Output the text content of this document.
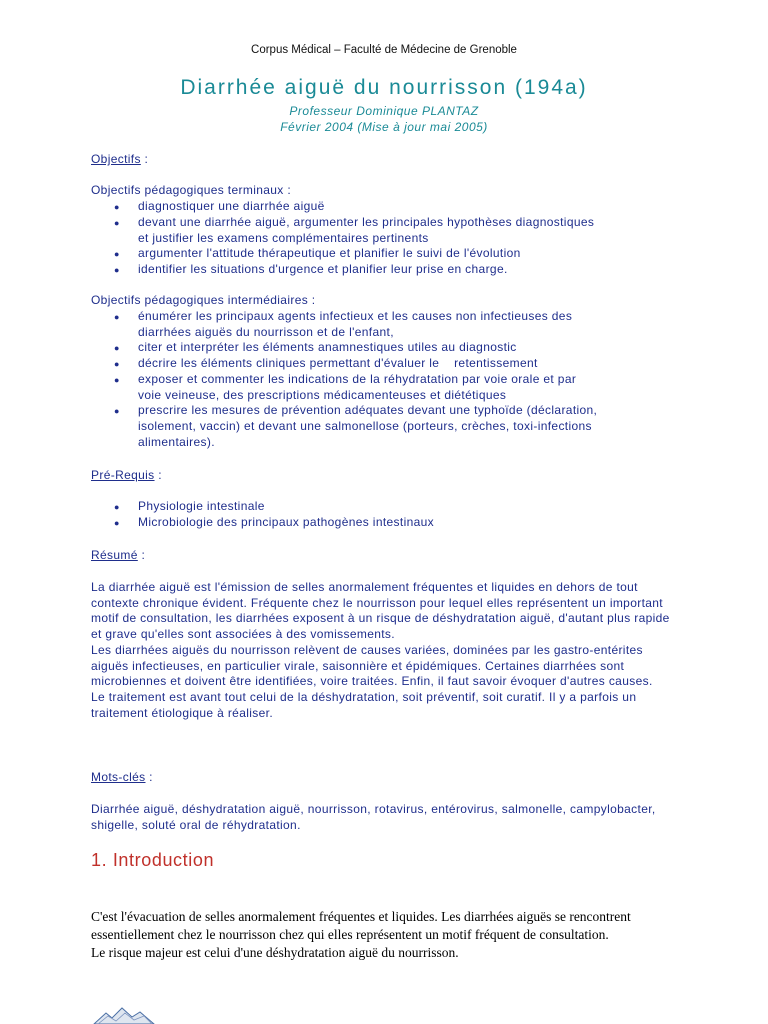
Corpus Médical – Faculté de Médecine de Grenoble
Diarrhée aiguë du nourrisson (194a)
Professeur Dominique PLANTAZ
Février 2004 (Mise à jour mai 2005)
Objectifs :
Objectifs pédagogiques terminaux :
● diagnostiquer une diarrhée aiguë
● devant une diarrhée aiguë, argumenter les principales hypothèses diagnostiques
et justifier les examens complémentaires pertinents
● argumenter l'attitude thérapeutique et planifier le suivi de l'évolution
● identifier les situations d'urgence et planifier leur prise en charge.
Objectifs pédagogiques intermédiaires :
● énumérer les principaux agents infectieux et les causes non infectieuses des
diarrhées aiguës du nourrisson et de l'enfant,
● citer et interpréter les éléments anamnestiques utiles au diagnostic
● décrire les éléments cliniques permettant d'évaluer le    retentissement
● exposer et commenter les indications de la réhydratation par voie orale et par
voie veineuse, des prescriptions médicamenteuses et diététiques
● prescrire les mesures de prévention adéquates devant une typhoïde (déclaration,
isolement, vaccin) et devant une salmonellose (porteurs, crèches, toxi-infections
alimentaires).
Pré-Requis :
● Physiologie intestinale
● Microbiologie des principaux pathogènes intestinaux
Résumé :

La diarrhée aiguë est l'émission de selles anormalement fréquentes et liquides en dehors de tout contexte chronique évident. Fréquente chez le nourrisson pour lequel elles représentent un important motif de consultation, les diarrhées exposent à un risque de déshydratation aiguë, d'autant plus rapide et grave qu'elles sont associées à des vomissements.

Les diarrhées aiguës du nourrisson relèvent de causes variées, dominées par les gastro-entérites aiguës infectieuses, en particulier virale, saisonnière et épidémiques. Certaines diarrhées sont microbiennes et doivent être identifiées, voire traitées. Enfin, il faut savoir évoquer d'autres causes.

Le traitement est avant tout celui de la déshydratation, soit préventif, soit curatif. Il y a parfois un traitement étiologique à réaliser.

Mots-clés :
Diarrhée aiguë, déshydratation aiguë, nourrisson, rotavirus, entérovirus, salmonelle, campylobacter, shigelle, soluté oral de réhydratation.
1. Introduction

C'est l'évacuation de selles anormalement fréquentes et liquides. Les diarrhées aiguës se rencontrent essentiellement chez le nourrisson chez qui elles représentent un motif fréquent de consultation.

Le risque majeur est celui d'une déshydratation aiguë du nourrisson.
